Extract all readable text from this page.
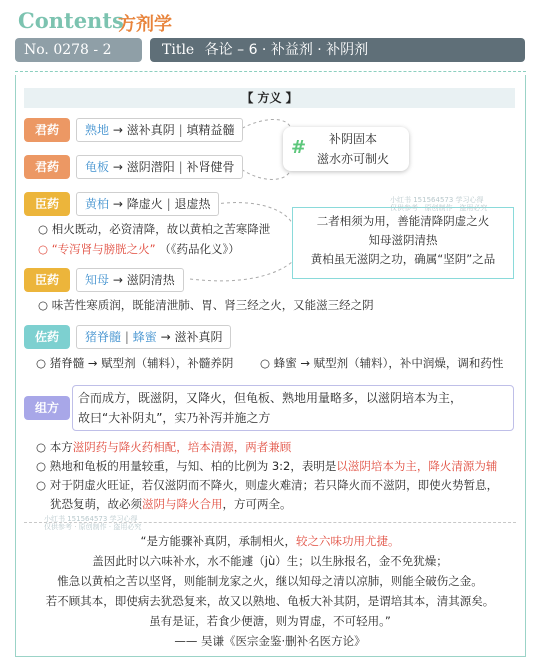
Contents
方剂学
No. 0278 - 2	Title 各论 – 6 · 补益剂 · 补阴剂
【 方义 】
君药	熟地 → 滋补真阴 | 填精益髓
君药	龟板 → 滋阴潜阳 | 补肾健骨
#	补阴固本
滋水亦可制火
臣药	黄柏 → 降虚火 | 退虚热
○ 相火既动，必资清降，故以黄柏之苦寒降泄
○ “专泻肾与膀胱之火” （《药品化义》）
二者相须为用，善能清降阴虚之火
知母滋阴清热
黄柏虽无滋阴之功，确属“坚阴”之品
臣药	知母 → 滋阴清热
○ 味苦性寒质润，既能清泄肺、胃、肾三经之火，又能滋三经之阴
佐药	猪脊髓 | 蜂蜜 → 滋补真阴
○ 猪脊髓 → 赋型剂（辅料），补髓养阴 ○ 蜂蜜 → 赋型剂（辅料），补中润燥，调和药性
组方
合而成方，既滋阴，又降火，但龟板、熟地用量略多，以滋阴培本为主，
故曰“大补阴丸”，实乃补泻并施之方
○ 本方滋阴药与降火药相配，培本清源，两者兼顾
○ 熟地和龟板的用量较重，与知、柏的比例为 3:2，表明是以滋阴培本为主，降火清源为辅
○ 对于阴虚火旺证，若仅滋阴而不降火，则虚火难清；若只降火而不滋阴，即使火势暂息，
犹恐复萌，故必须滋阴与降火合用，方可两全。
“是方能骤补真阴，承制相火，较之六味功用尤捷。
盖因此时以六味补水，水不能遽（jù）生；以生脉报名，金不免犹燥；
惟急以黄柏之苦以坚肾，则能制龙家之火，继以知母之清以凉肺，则能全破伤之金。
若不顾其本，即使病去犹恐复来，故又以熟地、龟板大补其阴，是谓培其本，清其源矣。
虽有是证，若食少便溏，则为胃虚，不可轻用。”
—— 吴谦《医宗金鉴·删补名医方论》
小红书 151564573 学习心得
仅供参考 · 原创制作 · 盗用必究
小红书 151564573 学习心得
仅供参考 · 原创制作 · 盗用必究
